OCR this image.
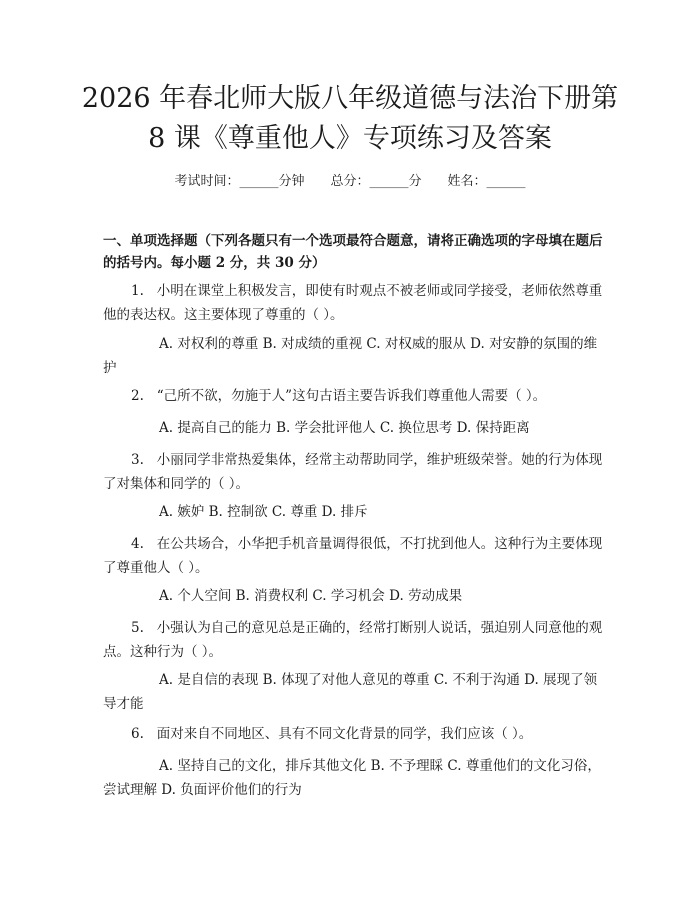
2026 年春北师大版八年级道德与法治下册第
8 课《尊重他人》专项练习及答案
考试时间：______分钟 总分：______分 姓名：______
一、单项选择题（下列各题只有一个选项最符合题意，请将正确选项的字母填在题后的括号内。每小题 2 分，共 30 分）
1. 小明在课堂上积极发言，即使有时观点不被老师或同学接受，老师依然尊重他的表达权。这主要体现了尊重的（ ）。
A. 对权利的尊重 B. 对成绩的重视 C. 对权威的服从 D. 对安静的氛围的维护
2. “己所不欲，勿施于人”这句古语主要告诉我们尊重他人需要（ ）。
A. 提高自己的能力 B. 学会批评他人 C. 换位思考 D. 保持距离
3. 小丽同学非常热爱集体，经常主动帮助同学，维护班级荣誉。她的行为体现了对集体和同学的（ ）。
A. 嫉妒 B. 控制欲 C. 尊重 D. 排斥
4. 在公共场合，小华把手机音量调得很低，不打扰到他人。这种行为主要体现了尊重他人（ ）。
A. 个人空间 B. 消费权利 C. 学习机会 D. 劳动成果
5. 小强认为自己的意见总是正确的，经常打断别人说话，强迫别人同意他的观点。这种行为（ ）。
A. 是自信的表现 B. 体现了对他人意见的尊重 C. 不利于沟通 D. 展现了领导才能
6. 面对来自不同地区、具有不同文化背景的同学，我们应该（ ）。
A. 坚持自己的文化，排斥其他文化 B. 不予理睬 C. 尊重他们的文化习俗，尝试理解 D. 负面评价他们的行为
